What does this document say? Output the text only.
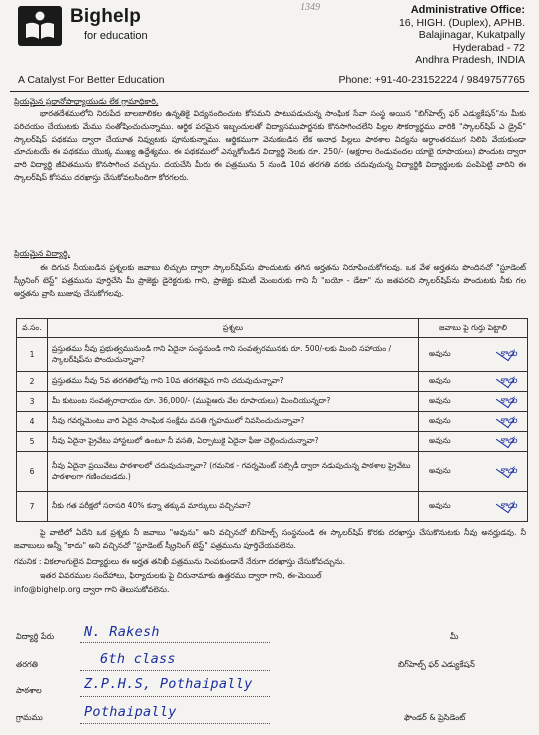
Bighelp
for education
1349	Administrative Office:
16, HIGH. (Duplex), APHB.
Balajinagar, Kukatpally
Hyderabad - 72
Andhra Pradesh, INDIA
A Catalyst For Better Education	Phone: +91-40-23152224 / 9849757765
ప్రియమైన ప్రధానోపాధ్యాయుడు లేక గ్రామాధికారి,
భారతదేశములోని నిరుపేద బాలబాలికల ఉన్నతికై విద్యనందించుట కోసమని పాటుపడుచున్న సాంఘిక సేవా సంస్థ అయిన "బిగ్‌హెల్ప్ ఫర్ ఎడ్యుకేషన్"ను మీకు పరిచయం చేయుటకు మేము సంతోషించుచున్నాము. ఆర్థిక పరమైన ఇబ్బందులతో విద్యాసముపార్జనకు కొనసాగించలేని పిల్లల సౌకర్యార్థము వారికి "స్కాలర్‌షిప్ ఎ డ్రైవ్" స్కాలర్‌షిప్ పథకము ద్వారా చేయూత నివ్వుటకు పూనుకున్నాము. ఆర్థికముగా వెనుకబడిన లేక అనాధ పిల్లలు పాఠశాల విద్యను అర్ధాంతరముగ నిలిపి వేయకుండా చూచుటయే ఈ పథకము యొక్క ముఖ్య ఉద్దేశ్యము. ఈ పథకములో ఎన్నుకోబడిన విద్యార్థి నెలకు రూ. 250/- (అక్షరాల రెండువందల యాభై రూపాయలు) పొందుట ద్వారా వారి విద్యార్థి జీవితమును కొనసాగించ వచ్చును. దయచేసి మీరు ఈ పత్రమును 5 నుండి 10వ తరగతి వరకు చదువుచున్న విద్యార్థికి విద్యార్థులకు పంపిపెట్టి వారిని ఈ స్కాలర్‌షిప్ కోసము దరఖాస్తు చేసుకోవలసిందిగా కోరగలరు.
ప్రియమైన విద్యార్థి,
ఈ దిగువ నీయబడిన ప్రశ్నలకు జవాబు లిచ్చుట ద్వారా స్కాలర్‌షిప్‌ను పొందుటకు తగిన అర్హతను నిరూపించుకోగలవు. ఒక వేళ అర్హతను పొందినచో "స్టూడెంట్ స్క్రీనింగ్ టెస్ట్" పత్రమును పూర్తిచేసి మీ ప్రాజెక్టు డైరెక్టరుకు గాని, ప్రాజెక్టు కమిటీ మెంబరుకు గాని నీ "బయో - డేటా" ను జతపరచి స్కాలర్‌షిప్‌ను పొందుటకు నీకు గల అర్హతను వ్రాసి బుజువు చేసుకోగలవు.
వ.సం.	ప్రశ్నలు	జవాబు పై గుర్తు పెట్టాలి
1	ప్రస్తుతము నీవు ప్రభుత్వమునుండి గాని ఏదైనా సంస్థనుండి గాని సంవత్సరమునకు రూ. 500/-లకు మించి సహాయం / స్కాలర్‌షిప్‌ను పొందుచున్నావా?	అవును కాదు

2	ప్రస్తుతము నీవు 5వ తరగతిలోపు గాని 10వ తరగతిపైన గాని చదువుచున్నావా?	అవును కాదు

3	మీ కుటుంబ సంవత్సరాదాయం రూ. 36,000/- (ముపైఆరు వేల రూపాయలు) మించియున్నదా?	అవును కాదు

4	నీవు గవర్నమెంటు వారి ఏదైన సాంఘిక సంక్షేమ వసతి గృహములో నివసించుచున్నావా?	అవును కాదు

5	నీవు ఏదైనా ప్రైవేటు హాస్టలులో ఉంటూ నీ వసతి, ఏర్పాటుకై ఏదైనా ఫీజు చెల్లించుచున్నావా?	అవును కాదు

6	నీవు ఏదైనా ప్రయివేటు పాఠశాలలో చదువుచున్నావా? (గమనిక - గవర్నమెంట్ సబ్సిడీ ద్వారా నడుపుచున్న పాఠశాల ప్రైవేటు పాఠశాలగా గణించబడదు.)	అవును కాదు

7	నీకు గత పరీక్షలో సరాసరి 40% కన్నా తక్కువ మార్కులు వచ్చినవా?	అవును కాదు
పై వాటిలో ఏదేని ఒక ప్రశ్నకు నీ జవాబు "అవును" అని వచ్చినచో బిగ్‌హెల్ప్ సంస్థనుండి ఈ స్కాలర్‌షిప్ కొరకు దరఖాస్తు చేసుకొనుటకు నీవు అనర్హుడవు. నీ జవాబులు అన్నీ "కాదు" అని వచ్చినచో "స్టూడెంట్ స్క్రీనింగ్ టెస్ట్" పత్రమును పూర్తిచేయవలెను.
గమనిక : వికలాంగులైన విద్యార్థులు ఈ అర్హత తనిఖీ పత్రమును నింపకుండానే నేరుగా దరఖాస్తు చేసుకోవచ్చును.
ఇతర వివరముల సందేహాలు, ఫిర్యాదులకు పై చిరునామాకు ఉత్తరము ద్వారా గాని, ఈ-మెయిల్
info@bighelp.org ద్వారా గాని తెలుసుకోవలెను.
విద్యార్థి పేరు N. Rakesh
తరగతి	6th class
పాఠశాల	Z.P.H.S, Pothaipally
గ్రామము	Pothaipally
మీ
బిగ్‌హెల్ప్ ఫర్ ఎడ్యుకేషన్
ఫౌండర్ & ప్రెసిడెంట్
